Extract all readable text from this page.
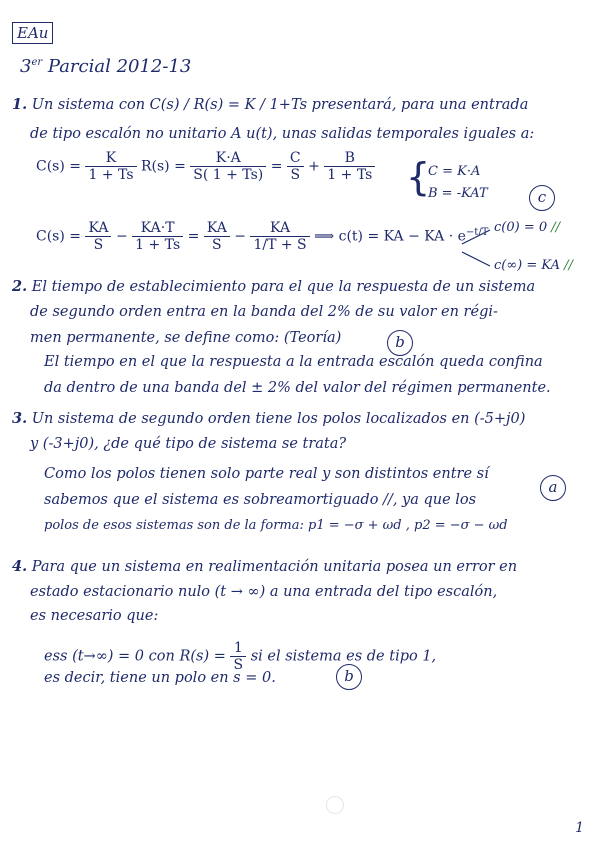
EAu
3er Parcial 2012-13
1. Un sistema con C(s) / R(s) = K / 1+Ts presentará, para una entrada
de tipo escalón no unitario A u(t), unas salidas temporales iguales a:
$C(s) = \frac{K}{1 + Ts} R(s) = \frac{K\cdot A}{S( 1 + Ts)} = \frac{C}{S} + \frac{B}{1 + Ts}$ {
C = K·A
B = -KAT	c
$C(s) = \frac{KA}{S} - \frac{KA\cdot T}{1 + Ts} = \frac{KA}{S} - \frac{KA}{1/T + S}$ ⟹ c(t) = KA − KA · $e^{-t/T}$ c(0) = 0 //
c(∞) = KA //
2. El tiempo de establecimiento para el que la respuesta de un sistema
de segundo orden entra en la banda del 2% de su valor en régi-
men permanente, se define como: (Teoría)	b
El tiempo en el que la respuesta a la entrada escalón queda confina
da dentro de una banda del ± 2% del valor del régimen permanente.
3. Un sistema de segundo orden tiene los polos localizados en (-5+j0)
y (-3+j0), ¿de qué tipo de sistema se trata?
Como los polos tienen solo parte real y son distintos entre sí
sabemos que el sistema es sobreamortiguado //, ya que los
a
polos de esos sistemas son de la forma: p1 = −σ + ωd , p2 = −σ − ωd
4. Para que un sistema en realimentación unitaria posea un error en
estado estacionario nulo (t → ∞) a una entrada del tipo escalón,
es necesario que:
ess (t→∞) = 0 con $R(s) = \frac{1}{S}$ si el sistema es de tipo 1,
es decir, tiene un polo en s = 0.	b
1
